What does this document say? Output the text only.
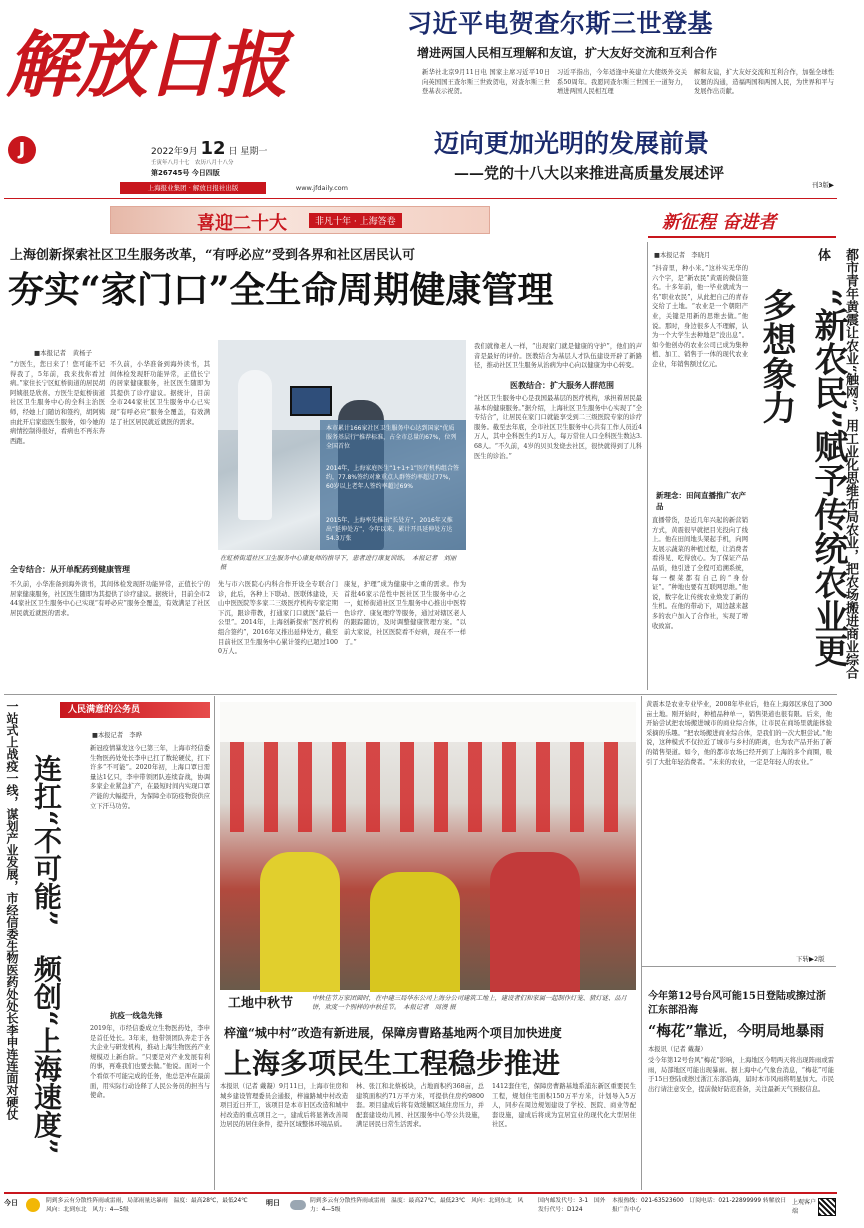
解放日报
J	2022年9月 12 日 星期一
壬寅年八月十七　农历八月十八分
第26745号 今日四版
上海报业集团 · 解放日报社出版	www.jfdaily.com
习近平电贺查尔斯三世登基
增进两国人民相互理解和友谊，扩大友好交流和互利合作
新华社北京9月11日电 国家主席习近平10日向英国国王查尔斯三世致贺电，对查尔斯三世登基表示祝贺。
习近平指出，今年适逢中英建立大使级外交关系50周年。我愿同查尔斯三世国王一道努力，增进两国人民相互理
解和友谊，扩大友好交流和互利合作，加强全球性议题的沟通，造福两国和两国人民，为世界和平与发展作出贡献。
迈向更加光明的发展前景
——党的十八大以来推进高质量发展述评
刊3版▶
喜迎二十大	非凡十年 · 上海答卷	新征程 奋进者
上海创新探索社区卫生服务改革，“有呼必应”受到各界和社区居民认可
夯实“家门口”全生命周期健康管理
■本报记者　黄杨子
“方医生，您日来了！您可能不记得我了，5年前，我来找你看过病。”家住长宁区虹桥街道的居民胡阿姨很是欣喜。方医生是虹桥街道社区卫生服务中心的全科主治医师，经她上门随访和签约，胡阿姨由此开启家庭医生服务，如今她的病情控制得很好，看病也不再东奔西跑。
不久前，小华准备到海外读书，其间体检发现肝功能异常，正值长宁的居家健康服务，社区医生随即为其提供了诊疗建议。据统计，目前全市244家社区卫生服务中心已实现“有呼必应”服务全覆盖，有效满足了社区居民就近就医的需求。
全专结合：从开单配药到健康管理
不久前，小华准备到海外读书，其间体检发现肝功能异常，正值长宁的居家健康服务，社区医生随即为其提供了诊疗建议。据统计，目前全市244家社区卫生服务中心已实现“有呼必应”服务全覆盖，有效满足了社区居民就近就医的需求。
本市累计166家社区卫生服务中心达到国家“优质服务基层行”推荐标准，占全市总量的67%，位列全国首位
2014年，上海家庭医生“1+1+1”医疗机构组合签约，77.8%签约对象重点人群签约率超过77%，60岁以上老年人签约率超过69%
2015年，上海率先推出“长处方”，2016年又推出“延伸处方”，今年以来，累计开具延伸处方达54.3万张
在虹桥街道社区卫生服务中心康复师的指导下，患者进行康复训练。　本报记者　刘丽　摄
先与市六医院心内科合作开设全专联合门诊，此后，各种上下联动、医联体建设，天山中医医院等多家二三级医疗机构专家定期下沉，跟诊带教，打通家门口就医“最后一公里”。2014年，上海创新探索“医疗机构组合签约”，2016年又推出延伸处方，截至目前社区卫生服务中心累计签约已超过1000万人。
康复，护理”成为健康中之重的需求。作为首批46家示范性中医社区卫生服务中心之一，虹桥街道社区卫生服务中心推出中医特色诊疗、康复理疗等服务，通过对辖区老人的跟踪随访，及时调整健康管理方案。“以前大家说，社区医院看不好病，现在不一样了。”
我们就像老人一样，“出现家门就是健康的守护”，他们的声音是最好的评价。医教结合为基层人才队伍建设开辟了新路径，推动社区卫生服务从治病为中心向以健康为中心转变。
医教结合：扩大服务人群范围
“社区卫生服务中心是我国最基层的医疗机构，承担着居民最基本的健康服务。”据介绍，上海社区卫生服务中心实现了“全专结合”，让居民在家门口就能享受到二三级医院专家的诊疗服务。截至去年底，全市社区卫生服务中心共有工作人员近4万人，其中全科医生约1万人，每万常住人口全科医生数达3.68人。“不久前，4岁的贝贝发烧去社区，很快就得到了儿科医生的诊治。”	都市青年黄震让农业“触网”，用工业化思维布局农业，把农场搬进商业综合体
“新农民”赋予传统农业更多想象力
■本报记者　李晓月
“抖音里，种小米。”这朴实无华的六个字，是“新农民”黄震的微信签名。十多年前，他一毕业就成为一名“职业农民”，从此把自己的青春交给了土地。“农业是一个朝阳产业，关键是用新的思维去做。”他说。那时，身边很多人不理解，认为一个大学生去种地是“没出息”。如今他创办的农业公司已成为集种植、加工、销售于一体的现代农业企业，年销售额过亿元。
新理念：田间直播推广农产品
直播带货，是近几年兴起的新营销方式，黄震很早就把目光投向了线上。他在田间地头架起手机，向网友展示蔬菜的种植过程，让消费者看得见、吃得放心。为了保证产品品质，他引进了全程可追溯系统，每一棵菜都有自己的“身份证”。“种地也要有互联网思维。”他说，数字化让传统农业焕发了新的生机。在他的带动下，周边越来越多的农户加入了合作社，实现了增收致富。
人民满意的公务员
一站式上战疫一线，谋划产业发展，市经信委生物医药处处长李申连连面对硬仗 连扛“不可能”　频创“上海速度”
■本报记者　李晔
新冠疫情暴发这今已第三年，上海市经信委生物医药处处长李申已扛了数轮硬仗，扛下许多“不可能”。2020年初，上海口罩日需量达1亿只，李申带领团队连续奋战，协调多家企业紧急扩产，在最短时间内实现口罩产能的大幅提升，为保障全市防疫物资供应立下汗马功劳。
抗疫一线急先锋
2019年，市经信委成立生物医药处，李申是首任处长。3年来，他带领团队奔走于各大企业与研发机构，推动上海生物医药产业规模迈上新台阶。“只要是对产业发展有利的事，再难我们也要去做。”他说。面对一个个看似不可能完成的任务，他总是冲在最前面，用实际行动诠释了人民公务员的担当与使命。
工地中秋节	中秋佳节万家团圆时，在中建三局华东公司上海分公司建筑工地上，建设者们和家属一起制作灯笼、猜灯谜、品月饼，欢度一个别样的中秋佳节。　本报记者　周漫 摄
黄震本是农业专业毕业，2008年毕业后，他在上海郊区承包了300亩土地。刚开始时，种植品种单一，销售渠道也很有限。后来，他开始尝试把农场搬进城市的商业综合体，让市民在商场里就能体验采摘的乐趣。“把农场搬进商业综合体，是我们的一次大胆尝试。”他说，这种模式不仅拉近了城市与乡村的距离，也为农产品开拓了新的销售渠道。如今，他的都市农场已经开到了上海的多个商圈，吸引了大批年轻消费者。“未来的农业，一定是年轻人的农业。”
下转▶2版
今年第12号台风可能15日登陆或擦过浙江东部沿海
“梅花”靠近，今明局地暴雨
本报讯（记者 戴凝）
受今年第12号台风“梅花”影响，上海地区今明两天将出现阵雨或雷雨，局部地区可能出现暴雨。据上海中心气象台消息，“梅花”可能于15日登陆或擦过浙江东部沿海，届时本市风雨将明显加大。市民出行请注意安全，提前做好防范准备，关注最新天气预报信息。
梓潼“城中村”改造有新进展，保障房曹路基地两个项目加快进度
上海多项民生工程稳步推进
本报讯（记者 戴凝）9月11日，上海市住房和城乡建设管理委员会通报，梓潼路城中村改造项目近日开工，该项目是本市旧区改造和城中村改造的重点项目之一，建成后将显著改善周边居民的居住条件，提升区域整体环境品质。
林、张江和北蔡板块，占地面积约368亩，总建筑面积约71万平方米，可提供住房约9800套。项目建成后将有效缓解区域住房压力，并配套建设幼儿园、社区服务中心等公共设施，满足居民日常生活需求。
1412套住宅，保障房曹路基地系浦东新区重要民生工程，规划住宅面积150万平方米，计划导入5万人，同步在周边规划建设了学校、医院、商业等配套设施，建成后将成为宜居宜业的现代化大型居住社区。
今日	阴到多云有分散性阵雨或雷雨，局部雨量达暴雨　温度：最高28℃，最低24℃　风向：北到东北　风力：4—5级
明日	阴到多云有分散性阵雨或雷雨　温度：最高27℃，最低23℃　风向：北到东北　风力：4—5级
国内邮发代号：3-1　国外发行代号：D124
本报热线：021-63523600　订阅电话：021-22899999 转解放日报广告中心
上观客户端
